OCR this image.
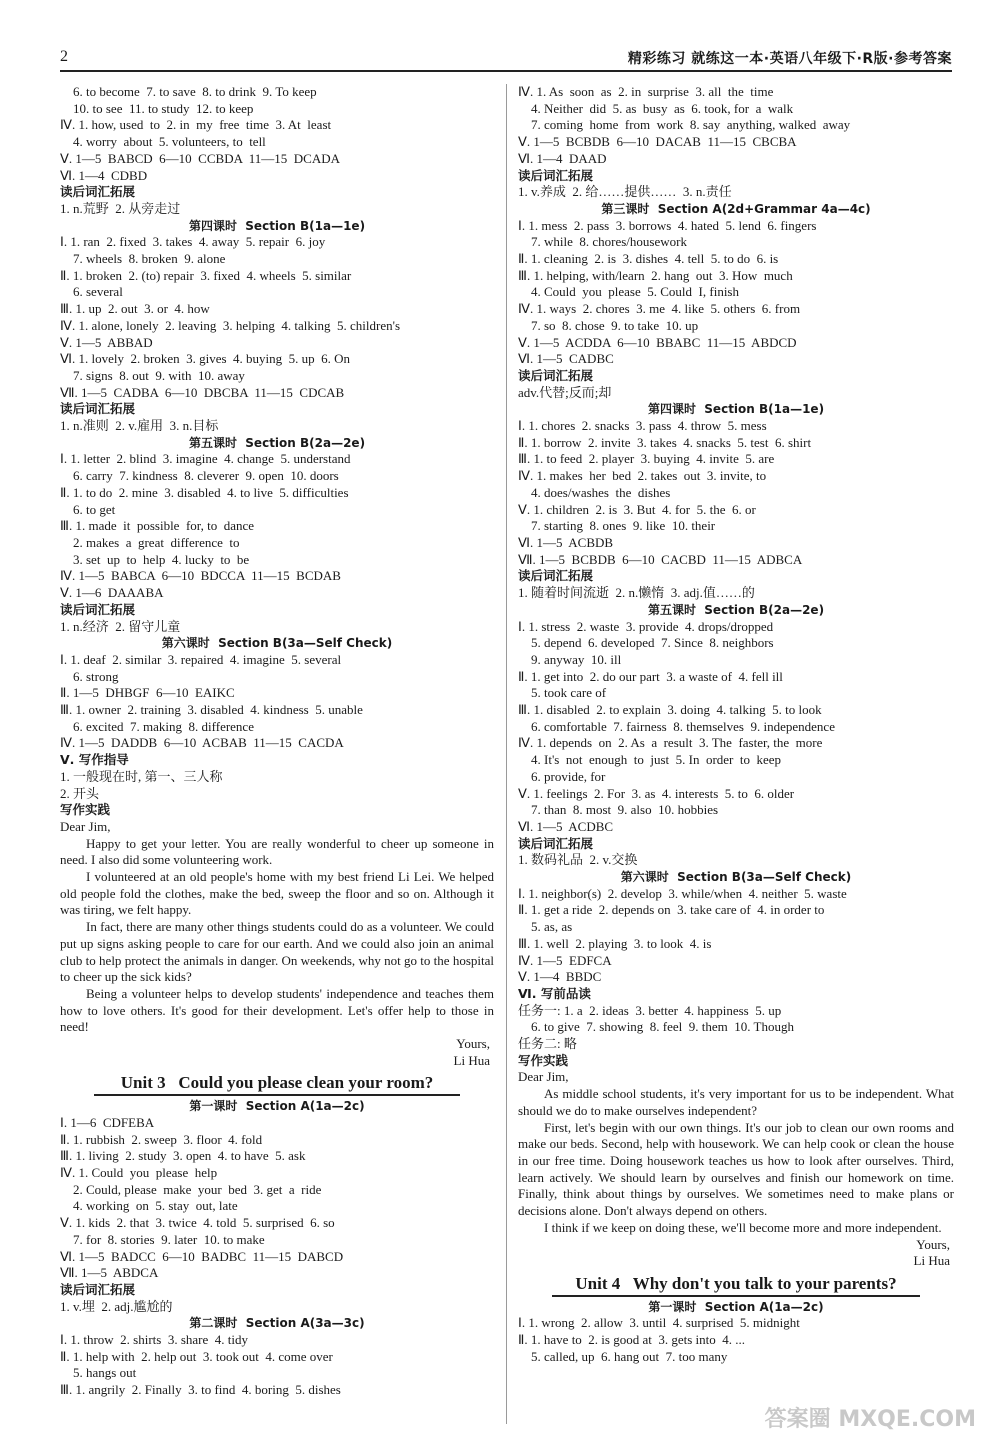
2	精彩练习 就练这一本·英语八年级下·R版·参考答案
6. to become  7. to save  8. to drink  9. To keep
10. to see  11. to study  12. to keep
Ⅳ. 1. how, used  to  2. in  my  free  time  3. At  least
4. worry  about  5. volunteers, to  tell
Ⅴ. 1—5  BABCD  6—10  CCBDA  11—15  DCADA
Ⅵ. 1—4  CDBD
读后词汇拓展
1. n.荒野  2. 从旁走过
第四课时  Section B(1a—1e)
Ⅰ. 1. ran  2. fixed  3. takes  4. away  5. repair  6. joy
7. wheels  8. broken  9. alone
Ⅱ. 1. broken  2. (to) repair  3. fixed  4. wheels  5. similar
6. several
Ⅲ. 1. up  2. out  3. or  4. how
Ⅳ. 1. alone, lonely  2. leaving  3. helping  4. talking  5. children's
Ⅴ. 1—5  ABBAD
Ⅵ. 1. lovely  2. broken  3. gives  4. buying  5. up  6. On
7. signs  8. out  9. with  10. away
Ⅶ. 1—5  CADBA  6—10  DBCBA  11—15  CDCAB
读后词汇拓展
1. n.准则  2. v.雇用  3. n.目标
第五课时  Section B(2a—2e)
Ⅰ. 1. letter  2. blind  3. imagine  4. change  5. understand
6. carry  7. kindness  8. cleverer  9. open  10. doors
Ⅱ. 1. to do  2. mine  3. disabled  4. to live  5. difficulties
6. to get
Ⅲ. 1. made  it  possible  for, to  dance
2. makes  a  great  difference  to
3. set  up  to  help  4. lucky  to  be
Ⅳ. 1—5  BABCA  6—10  BDCCA  11—15  BCDAB
Ⅴ. 1—6  DAAABA
读后词汇拓展
1. n.经济  2. 留守儿童
第六课时  Section B(3a—Self Check)
Ⅰ. 1. deaf  2. similar  3. repaired  4. imagine  5. several
6. strong
Ⅱ. 1—5  DHBGF  6—10  EAIKC
Ⅲ. 1. owner  2. training  3. disabled  4. kindness  5. unable
6. excited  7. making  8. difference
Ⅳ. 1—5  DADDB  6—10  ACBAB  11—15  CACDA
Ⅴ. 写作指导
1. 一般现在时, 第一、三人称
2. 开头
写作实践
Dear Jim,

Happy to get your letter. You are really wonderful to cheer up someone in need. I also did some volunteering work.

I volunteered at an old people's home with my best friend Li Lei. We helped old people fold the clothes, make the bed, sweep the floor and so on. Although it was tiring, we felt happy.

In fact, there are many other things students could do as a volunteer. We could put up signs asking people to care for our earth. And we could also join an animal club to help protect the animals in danger. On weekends, why not go to the hospital to cheer up the sick kids?

Being a volunteer helps to develop students' independence and teaches them how to love others. It's good for their development. Let's offer help to those in need!

Yours,
Li Hua
Unit 3   Could you please clean your room?
第一课时  Section A(1a—2c)
Ⅰ. 1—6  CDFEBA
Ⅱ. 1. rubbish  2. sweep  3. floor  4. fold
Ⅲ. 1. living  2. study  3. open  4. to have  5. ask
Ⅳ. 1. Could  you  please  help
2. Could, please  make  your  bed  3. get  a  ride
4. working  on  5. stay  out, late
Ⅴ. 1. kids  2. that  3. twice  4. told  5. surprised  6. so
7. for  8. stories  9. later  10. to make
Ⅵ. 1—5  BADCC  6—10  BADBC  11—15  DABCD
Ⅶ. 1—5  ABDCA
读后词汇拓展
1. v.埋  2. adj.尴尬的
第二课时  Section A(3a—3c)
Ⅰ. 1. throw  2. shirts  3. share  4. tidy
Ⅱ. 1. help with  2. help out  3. took out  4. come over
5. hangs out
Ⅲ. 1. angrily  2. Finally  3. to find  4. boring  5. dishes
Ⅳ. 1. As  soon  as  2. in  surprise  3. all  the  time
4. Neither  did  5. as  busy  as  6. took, for  a  walk
7. coming  home  from  work  8. say  anything, walked  away
Ⅴ. 1—5  BCBDB  6—10  DACAB  11—15  CBCBA
Ⅵ. 1—4  DAAD
读后词汇拓展
1. v.养成  2. 给……提供……  3. n.责任
第三课时  Section A(2d+Grammar 4a—4c)
Ⅰ. 1. mess  2. pass  3. borrows  4. hated  5. lend  6. fingers
7. while  8. chores/housework
Ⅱ. 1. cleaning  2. is  3. dishes  4. tell  5. to do  6. is
Ⅲ. 1. helping, with/learn  2. hang  out  3. How  much
4. Could  you  please  5. Could  I, finish
Ⅳ. 1. ways  2. chores  3. me  4. like  5. others  6. from
7. so  8. chose  9. to take  10. up
Ⅴ. 1—5  ACDDA  6—10  BBABC  11—15  ABDCD
Ⅵ. 1—5  CADBC
读后词汇拓展
adv.代替;反而;却
第四课时  Section B(1a—1e)
Ⅰ. 1. chores  2. snacks  3. pass  4. throw  5. mess
Ⅱ. 1. borrow  2. invite  3. takes  4. snacks  5. test  6. shirt
Ⅲ. 1. to feed  2. player  3. buying  4. invite  5. are
Ⅳ. 1. makes  her  bed  2. takes  out  3. invite, to
4. does/washes  the  dishes
Ⅴ. 1. children  2. is  3. But  4. for  5. the  6. or
7. starting  8. ones  9. like  10. their
Ⅵ. 1—5  ACBDB
Ⅶ. 1—5  BCBDB  6—10  CACBD  11—15  ADBCA
读后词汇拓展
1. 随着时间流逝  2. n.懒惰  3. adj.值……的
第五课时  Section B(2a—2e)
Ⅰ. 1. stress  2. waste  3. provide  4. drops/dropped
5. depend  6. developed  7. Since  8. neighbors
9. anyway  10. ill
Ⅱ. 1. get into  2. do our part  3. a waste of  4. fell ill
5. took care of
Ⅲ. 1. disabled  2. to explain  3. doing  4. talking  5. to look
6. comfortable  7. fairness  8. themselves  9. independence
Ⅳ. 1. depends  on  2. As  a  result  3. The  faster, the  more
4. It's  not  enough  to  just  5. In  order  to  keep
6. provide, for
Ⅴ. 1. feelings  2. For  3. as  4. interests  5. to  6. older
7. than  8. most  9. also  10. hobbies
Ⅵ. 1—5  ACDBC
读后词汇拓展
1. 数码礼品  2. v.交换
第六课时  Section B(3a—Self Check)
Ⅰ. 1. neighbor(s)  2. develop  3. while/when  4. neither  5. waste
Ⅱ. 1. get a ride  2. depends on  3. take care of  4. in order to
5. as, as
Ⅲ. 1. well  2. playing  3. to look  4. is
Ⅳ. 1—5  EDFCA
Ⅴ. 1—4  BBDC
Ⅵ. 写前品读
任务一: 1. a  2. ideas  3. better  4. happiness  5. up
6. to give  7. showing  8. feel  9. them  10. Though
任务二: 略
写作实践
Dear Jim,

As middle school students, it's very important for us to be independent. What should we do to make ourselves independent?

First, let's begin with our own things. It's our job to clean our own rooms and make our beds. Second, help with housework. We can help cook or clean the house in our free time. Doing housework teaches us how to look after ourselves. Third, learn actively. We should learn by ourselves and finish our homework on time. Finally, think about things by ourselves. We sometimes need to make plans or decisions alone. Don't always depend on others.

I think if we keep on doing these, we'll become more and more independent.

Yours,
Li Hua
Unit 4   Why don't you talk to your parents?
第一课时  Section A(1a—2c)
Ⅰ. 1. wrong  2. allow  3. until  4. surprised  5. midnight
Ⅱ. 1. have to  2. is good at  3. gets into  4. ...
5. called, up  6. hang out  7. too many
答案圈 MXQE.COM
